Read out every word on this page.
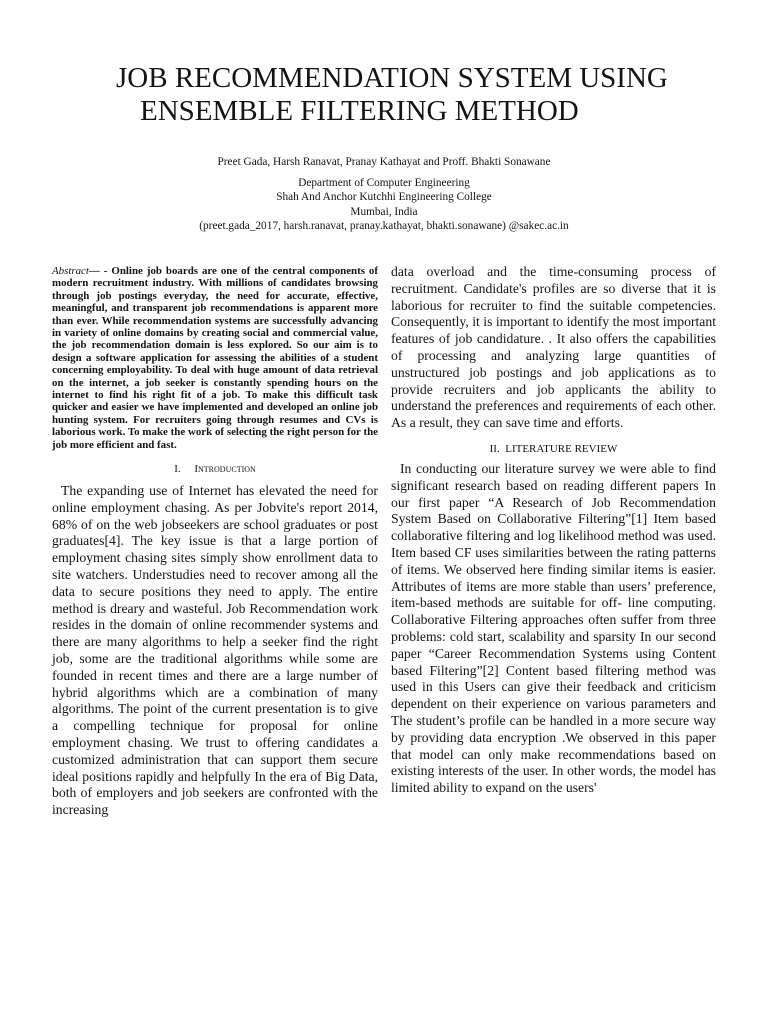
JOB RECOMMENDATION SYSTEM USING
ENSEMBLE FILTERING METHOD
Preet Gada, Harsh Ranavat, Pranay Kathayat and Proff. Bhakti Sonawane
Department of Computer Engineering
Shah And Anchor Kutchhi Engineering College
Mumbai, India
(preet.gada_2017, harsh.ranavat, pranay.kathayat, bhakti.sonawane) @sakec.ac.in
Abstract— - Online job boards are one of the central components of modern recruitment industry. With millions of candidates browsing through job postings everyday, the need for accurate, effective, meaningful, and transparent job recommendations is apparent more than ever. While recommendation systems are successfully advancing in variety of online domains by creating social and commercial value, the job recommendation domain is less explored. So our aim is to design a software application for assessing the abilities of a student concerning employability. To deal with huge amount of data retrieval on the internet, a job seeker is constantly spending hours on the internet to find his right fit of a job. To make this difficult task quicker and easier we have implemented and developed an online job hunting system. For recruiters going through resumes and CVs is laborious work. To make the work of selecting the right person for the job more efficient and fast.
I. Introduction

The expanding use of Internet has elevated the need for online employment chasing. As per Jobvite's report 2014, 68% of on the web jobseekers are school graduates or post graduates[4]. The key issue is that a large portion of employment chasing sites simply show enrollment data to site watchers. Understudies need to recover among all the data to secure positions they need to apply. The entire method is dreary and wasteful. Job Recommendation work resides in the domain of online recommender systems and there are many algorithms to help a seeker find the right job, some are the traditional algorithms while some are founded in recent times and there are a large number of hybrid algorithms which are a combination of many algorithms. The point of the current presentation is to give a compelling technique for proposal for online employment chasing. We trust to offering candidates a customized administration that can support them secure ideal positions rapidly and helpfully In the era of Big Data, both of employers and job seekers are confronted with the increasing

data overload and the time-consuming process of recruitment. Candidate's profiles are so diverse that it is laborious for recruiter to find the suitable competencies. Consequently, it is important to identify the most important features of job candidature. . It also offers the capabilities of processing and analyzing large quantities of unstructured job postings and job applications as to provide recruiters and job applicants the ability to understand the preferences and requirements of each other. As a result, they can save time and efforts.

II. LITERATURE REVIEW

In conducting our literature survey we were able to find significant research based on reading different papers In our first paper “A Research of Job Recommendation System Based on Collaborative Filtering”[1] Item based collaborative filtering and log likelihood method was used. Item based CF uses similarities between the rating patterns of items. We observed here finding similar items is easier. Attributes of items are more stable than users’ preference, item-based methods are suitable for off- line computing. Collaborative Filtering approaches often suffer from three problems: cold start, scalability and sparsity In our second paper “Career Recommendation Systems using Content based Filtering”[2] Content based filtering method was used in this Users can give their feedback and criticism dependent on their experience on various parameters and The student’s profile can be handled in a more secure way by providing data encryption .We observed in this paper that model can only make recommendations based on existing interests of the user. In other words, the model has limited ability to expand on the users'
